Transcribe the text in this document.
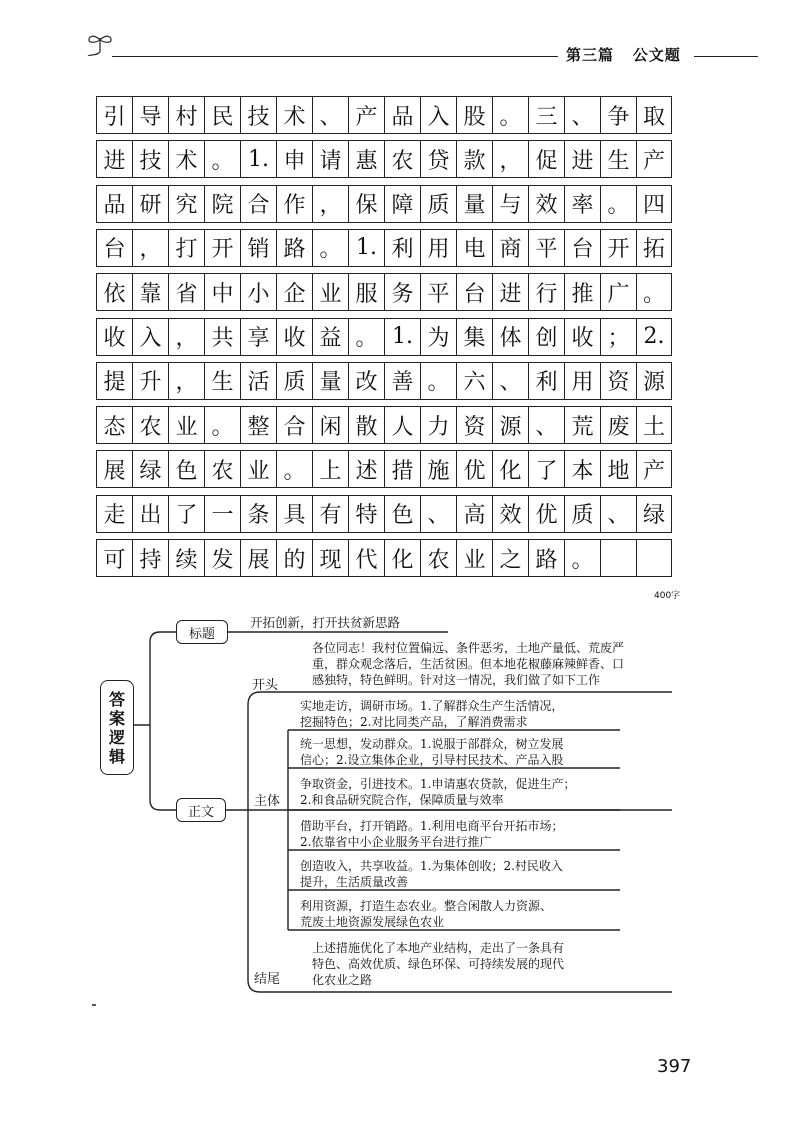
第三篇 公文题
引 导 村 民 技 术 、 产 品 入 股 。 三 、 争 取
进 技 术 。 1. 申 请 惠 农 贷 款 ， 促 进 生 产
品 研 究 院 合 作 ， 保 障 质 量 与 效 率 。 四
台 ， 打 开 销 路 。 1. 利 用 电 商 平 台 开 拓
依 靠 省 中 小 企 业 服 务 平 台 进 行 推 广 。
收 入 ， 共 享 收 益 。 1. 为 集 体 创 收 ； 2.
提 升 ， 生 活 质 量 改 善 。 六 、 利 用 资 源
态 农 业 。 整 合 闲 散 人 力 资 源 、 荒 废 土
展 绿 色 农 业 。 上 述 措 施 优 化 了 本 地 产
走 出 了 一 条 具 有 特 色 、 高 效 优 质 、 绿
可 持 续 发 展 的 现 代 化 农 业 之 路 。
400字
答
案
逻
辑
标题
开拓创新，打开扶贫新思路
正文
开头
各位同志！我村位置偏远、条件恶劣，土地产量低、荒废严
重，群众观念落后，生活贫困。但本地花椒藤麻辣鲜香、口
感独特，特色鲜明。针对这一情况，我们做了如下工作
主体
实地走访，调研市场。1.了解群众生产生活情况，
挖掘特色；2.对比同类产品，了解消费需求
统一思想，发动群众。1.说服于部群众，树立发展
信心；2.设立集体企业，引导村民技术、产品入股
争取资金，引进技术。1.申请惠农贷款，促进生产；
2.和食品研究院合作，保障质量与效率
借助平台，打开销路。1.利用电商平台开拓市场；
2.依靠省中小企业服务平台进行推广
创造收入，共享收益。1.为集体创收；2.村民收入
提升，生活质量改善
利用资源，打造生态农业。整合闲散人力资源、
荒废土地资源发展绿色农业
结尾
上述措施优化了本地产业结构，走出了一条具有
特色、高效优质、绿色环保、可持续发展的现代
化农业之路
397
